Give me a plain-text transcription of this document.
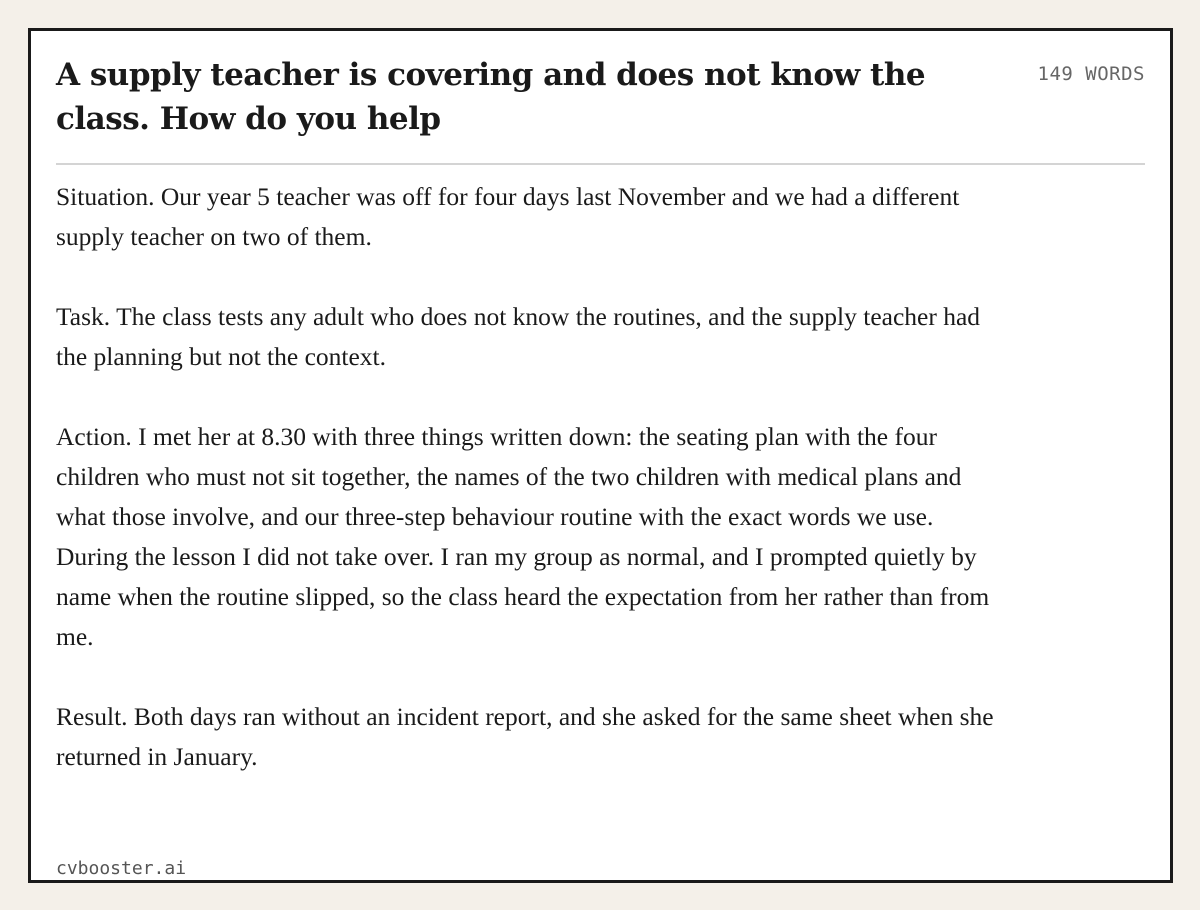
A supply teacher is covering and does not know the class. How do you help
149 WORDS

Situation. Our year 5 teacher was off for four days last November and we had a different supply teacher on two of them.

Task. The class tests any adult who does not know the routines, and the supply teacher had the planning but not the context.

Action. I met her at 8.30 with three things written down: the seating plan with the four children who must not sit together, the names of the two children with medical plans and what those involve, and our three-step behaviour routine with the exact words we use. During the lesson I did not take over. I ran my group as normal, and I prompted quietly by name when the routine slipped, so the class heard the expectation from her rather than from me.

Result. Both days ran without an incident report, and she asked for the same sheet when she returned in January.

cvbooster.ai
